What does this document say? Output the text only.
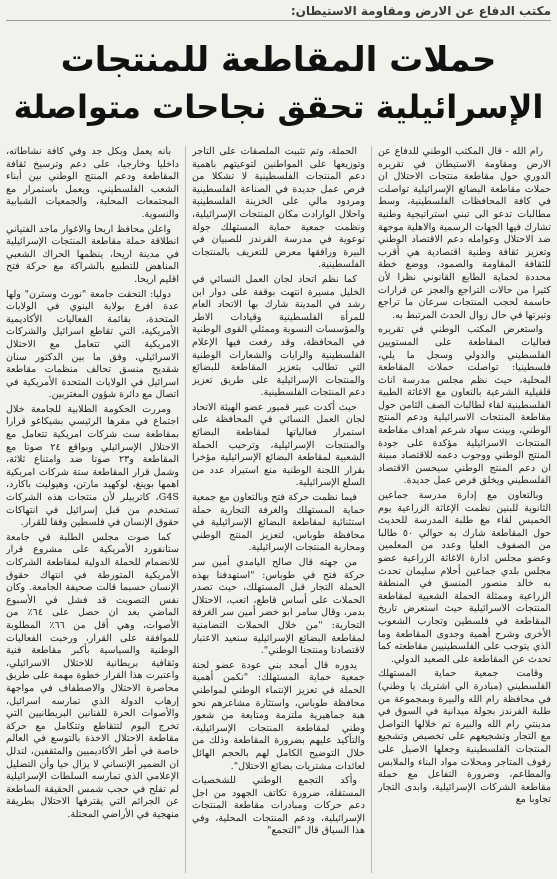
مكتب الدفاع عن الارض ومقاومة الاستيطان:
حملات المقاطعة للمنتجات
الإسرائيلية تحقق نجاحات متواصلة

رام الله - قال المكتب الوطني للدفاع عن الارض ومقاومة الاستيطان في تقريره الدوري حول مقاطعة منتجات الاحتلال ان حملات مقاطعة البضائع الإسرائيلية تواصلت في كافة المحافظات الفلسطينية، وسط مطالبات تدعو الى تبني استراتيجية وطنية تشارك فيها الجهات الرسمية والاهلية موجهة ضد الاحتلال وعوامله دعم الاقتصاد الوطني وتعزيز ثقافة وطنية اقتصادية هي أقرب للثقافة المقاومة والصمود، ووضع خطة محددة لحماية الطابع القانوني نظرا لأن كثيرا من حالات التراجع والعجز عن قرارات حاسمة لحجب المنتجات سرعان ما تراجع وتيرتها في حال زوال الحدث المرتبط به.

واستعرض المكتب الوطني في تقريره فعاليات المقاطعة على المستويين الفلسطيني والدولي وسجل ما يلي، فلسطينيا: تواصلت حملات المقاطعة المحلية، حيث نظم مجلس مدرسة اناث قلقيلية الشرعية بالتعاون مع الاغاثة الطبية الفلسطينية لقاء لطالبات الصف الثامن حول مقاطعة المنتجات الاسرائيلية ودعم المنتج الوطني، وبينت سهاد شرعم اهداف مقاطعة المنتجات الاسرائيلية مؤكدة على جودة المنتج الوطني ووجوب دعمه للاقتصاد مبينة ان دعم المنتج الوطني سيحسن الاقتصاد الفلسطيني ويخلق فرص عمل جديدة.

وبالتعاون مع إدارة مدرسة جماعين الثانوية للبنين نظمت الإغاثة الزراعية يوم الخميس لقاء مع طلبة المدرسة للحديث حول المقاطعة شارك به حوالي ٥٠ طالبا من الصفوف العليا وعدد من المعلمين وعضو مجلس ادارة الاغاثة الزراعية عضو مجلس بلدي جماعين أحلام سليمان تحدث به خالد منصور المنسق في المنطقة الزراعية وممثلة الحملة الشعبية لمقاطعة المنتجات الاسرائيلية حيث استعرض تاريخ المقاطعة في فلسطين وتجارب الشعوب الأخرى وشرح أهمية وجدوى المقاطعة وما الذي يتوجب على الفلسطينيين مقاطعته كما تحدث عن المقاطعة على الصعيد الدولي.

وقامت جمعية حماية المستهلك الفلسطيني (مبادرة الي اشتريك يا وطني) في محافظة رام الله والبيرة وبمجموعة من طلبة الفرندز بجولة ميدانية في السوق في مدينتي رام الله والبيرة تم خلالها التواصل مع التجار وتشجيعهم على تخصيص وتشجيع المنتجات الفلسطينية وجعلها الاصيل على رفوف المتاجر ومحلات مواد البناء والملابس والمطاعم، وضرورة التفاعل مع حملة مقاطعة الشركات الإسرائيلية، وابدى التجار تجاوبا مع

الحملة، وتم تثبيت الملصقات على التاجر وتوزيعها على المواطنين لتوعيتهم باهمية دعم المنتجات الفلسطينية لا تشكلا من فرص عمل جديدة في الصناعة الفلسطينية ومردود مالي على الخزينة الفلسطينية واحلال الوارادت مكان المنتجات الإسرائيلية، ونظمت جمعية حماية المستهلك جولة توعوية في مدرسة الفرندز للصبيان في البيرة ورافقها معرض للتعريف بالمنتجات الفلسطينية.

كما نظم اتحاد لجان العمل النسائي في الخليل مسيرة انتهت بوقفة على دوار ابن رشد في المدينة شارك بها الاتحاد العام للمرأة الفلسطينية وقيادات الاطر والمؤسسات النسوية وممثلي القوى الوطنية في المحافظة، وقد رفعت فيها الإعلام الفلسطينية والرايات والشعارات الوطنية التي تطالب بتعزيز المقاطعة للبضائع والمنتجات الإسرائيلية على طريق تعزيز دعم المنتجات الفلسطينية.

حيث أكدت عبير قميور عضو الهيئة الاتحاد لجان العمل النسائي في المحافظة على استمرار فعالياتها لمقاطعة البضائع والمنتجات الإسرائيلية، وترحيب الحملة الشعبية لمقاطعة البضائع الإسرائيلية مؤخرا بقرار اللجنة الوطنية منع استيراد عدد من السلع الإسرائيلية.

فيما نظمت حركة فتح وبالتعاون مع جمعية حماية المستهلك والغرفة التجارية حملة استثنائية لمقاطعة البضائع الإسرائيلية في محافظة طوباس، لتعزيز المنتج الوطني ومحاربة المنتجات الإسرائيلية.

من جهته قال صالح اليامدي أمين سر حركة فتح في طوباس: "استهدفنا بهذه الحملة التجار قبل المستهلك، حيث تصدر الحملات على أساس قاطع، اتعب، الاحتلال بدمر، وقال سامر ابو خضر أمين سر الغرفة التجارية: "من خلال الحملات التضامنية لمقاطعة البضائع الإسرائيلية سنعيد الاعتبار لاقتصادنا ومنتجنا الوطني".

يدوره قال أمجد بني عودة عضو لجنة جمعية حماية المستهلك: "نكمن أهمية الحملة في تعزيز الإنتماء الوطني لمواطني محافظة طوباس، واستثارة مشاعرهم نحو هبة جماهيرية ملتزمة ومتابعة من شعور وطني لمقاطعة المنتجات الإسرائيلية، والتأكيد عليهم بضرورة المقاطعة وذلك من خلال التوضيح الكامل لهم بالحجم الهائل لعائدات مشتريات بضائع الاحتلال".

وأكد التجمع الوطني للشخصيات المستقلة، ضرورة تكاتف الجهود من اجل دعم حركات ومبادرات مقاطعة المنتجات الإسرائيلية، ودعم المنتجات المحلية، وفي هذا السياق قال "التجمع"

بأنه يعمل وبكل جد وفي كافة نشاطاته، داخليا وخارجيا، على دعم وترسيخ ثقافة المقاطعة ودعم المنتج الوطني بين أبناء الشعب الفلسطيني، ويعمل باستمرار مع المجتمعات المحلية، والجمعيات الشبابية والنسوية.

واعلن محافظ اريحا والاغوار ماجد الفتياني انطلاقة حملة مقاطعة المنتجات الإسرائيلية في مدينة اريحا، ينظمها الحراك الشعبي المناهض للتطبيع بالشراكة مع حركة فتح اقليم اريحا.

دوليا: التحقت جامعة "نورث وسترن" ولها عدة افرع بولاية الينوي في الولايات المتحدة، بقائمة الفعاليات الأكاديمية الأمريكية، التي تقاطع اسرائيل والشركات الامريكية التي تتعامل مع الاحتلال الاسرائيلي، وفق ما بين الدكتور سنان شقديح منسق تحالف منظمات مقاطعة اسرائيل في الولايات المتحدة الأمريكية في اتصال مع دائرة شؤون المغتربين.

ومررت الحكومة الطلابية للجامعة خلال اجتماع في مقرها الرئيسي بشيكاغو قرارا بمقاطعة ست شركات امريكية تتعامل مع الاحتلال الإسرائيلي وبواقع ٢٤ صوتا مع المقاطعة و٢٣ صوتا ضد وامتناع ثلاثة، وشمل قرار المقاطعة ستة شركات امريكية اهمها بوينغ، لوكهيد مارتن، وهيوليت باكارد، G4S، كاتربيلر لأن منتجات هذه الشركات تستخدم من قبل إسرائيل في انتهاكات حقوق الإنسان في فلسطين وفقا للقرار.

كما صوت مجلس الطلبة في جامعة ستانفورد الأمريكية على مشروع قرار للانضمام للحملة الدولية لمقاطعة الشركات الأمريكية المتورطة في انتهاك حقوق الإنسان حسبما قالت صحيفة الجامعة. وكان نفس التصويت قد فشل في الأسبوع الماضي بعد ان حصل على ٦٤٪ من الأصوات، وهي أقل من ٦٦٪ المطلوبة للموافقة على القرار، ورحبت الفعاليات الوطنية والسياسية بأكبر مقاطعة فنية وثقافية بريطانية للاحتلال الاسرائيلي، واعتبرت هذا القرار خطوة مهمة على طريق محاصرة الاحتلال والاصطفاف في مواجهة إرهاب الدولة الذي تمارسه اسرائيل، والأصوات الحرة للفنانين البريطانيين التي تخرج اليوم لتتقاطع وتتكامل مع حركة مقاطعة الاحتلال الاخذة بالتوسع في العالم خاصة في أطر الأكاديميين والمثقفين، لتدلل ان الضمير الإنساني لا يزال حيا وأن التضليل الإعلامي الذي تمارسه السلطات الإسرائيلية لم تفلح في حجب شمس الحقيقة الساطعة عن الجرائم التي يقترفها الاحتلال بطريقة منهجية في الأراضي المحتلة.
